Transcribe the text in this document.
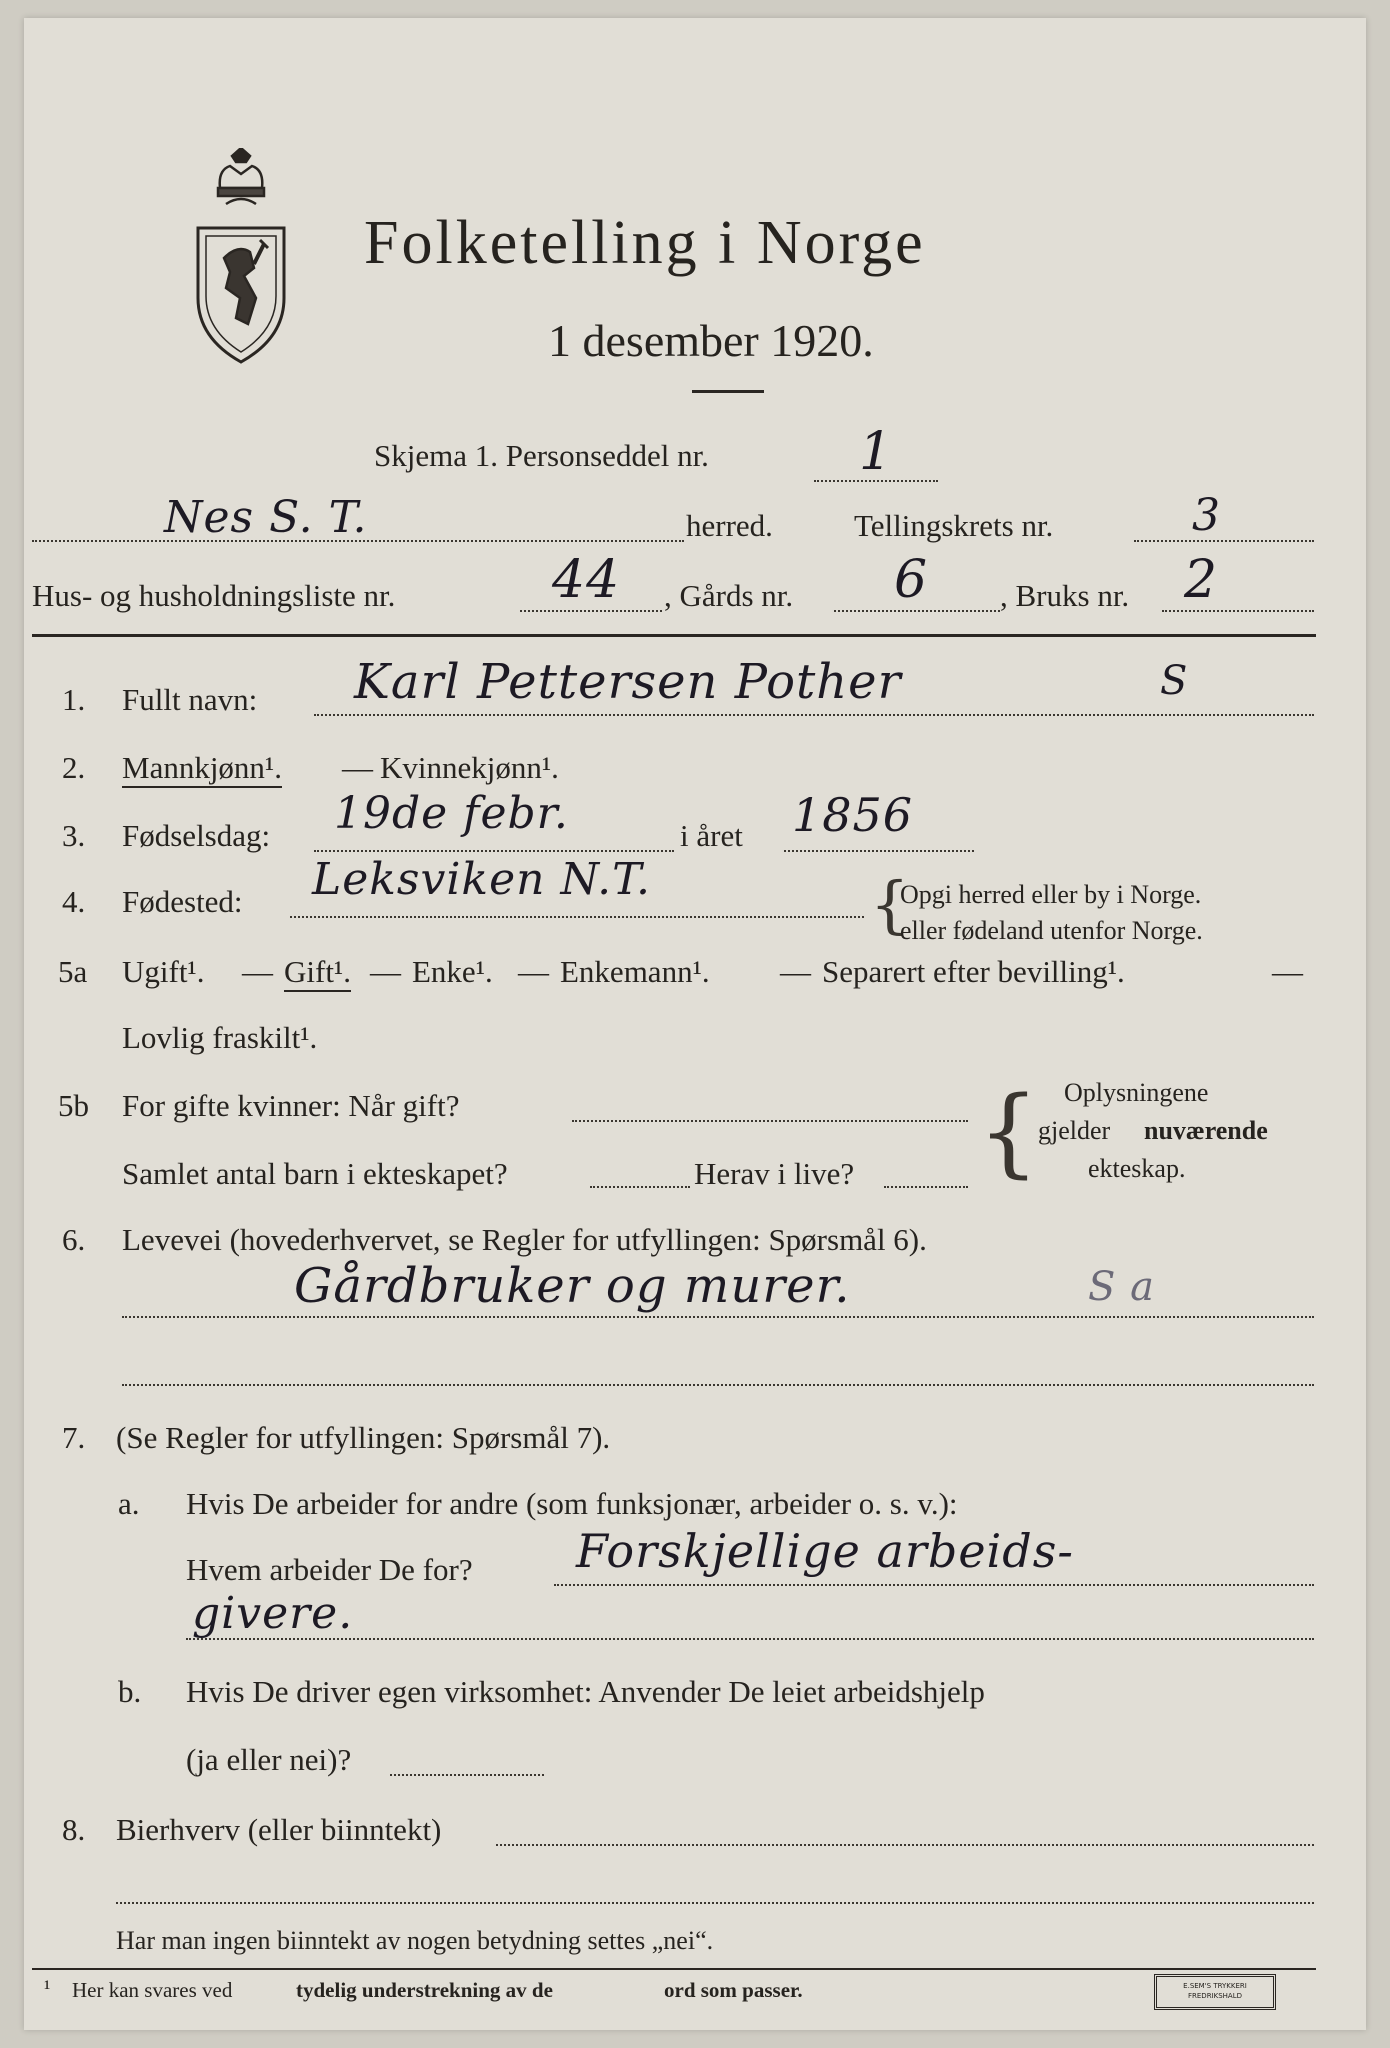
Folketelling i Norge
1 desember 1920.
Skjema 1. Personseddel nr.	1
Nes S. T.	herred.	Tellingskrets nr.	3
Hus- og husholdningsliste nr.	44 , Gårds nr. 6 , Bruks nr. 2
1. Fullt navn: Karl Pettersen Pother	S
2. Mannkjønn¹. — Kvinnekjønn¹.
3. Fødselsdag: 19de febr.	i året 1856
4. Fødested: Leksviken N.T.	{
Opgi herred eller by i Norge.
eller fødeland utenfor Norge.
5a Ugift¹. — Gift¹. — Enke¹. — Enkemann¹. — Separert efter bevilling¹.	—
Lovlig fraskilt¹.
5b For gifte kvinner: Når gift?
Samlet antal barn i ekteskapet?	Herav i live? { Oplysningene
gjelder nuværende
ekteskap.
6. Levevei (hovederhvervet, se Regler for utfyllingen: Spørsmål 6).
Gårdbruker og murer.	S a
7. (Se Regler for utfyllingen: Spørsmål 7).
a. Hvis De arbeider for andre (som funksjonær, arbeider o. s. v.):
Hvem arbeider De for? Forskjellige arbeids-
givere.
b. Hvis De driver egen virksomhet: Anvender De leiet arbeidshjelp
(ja eller nei)?
8. Bierhverv (eller biinntekt)
Har man ingen biinntekt av nogen betydning settes „nei“.
¹ Her kan svares ved	tydelig understrekning av de	ord som passer.	E.SEM'S TRYKKERI
FREDRIKSHALD
